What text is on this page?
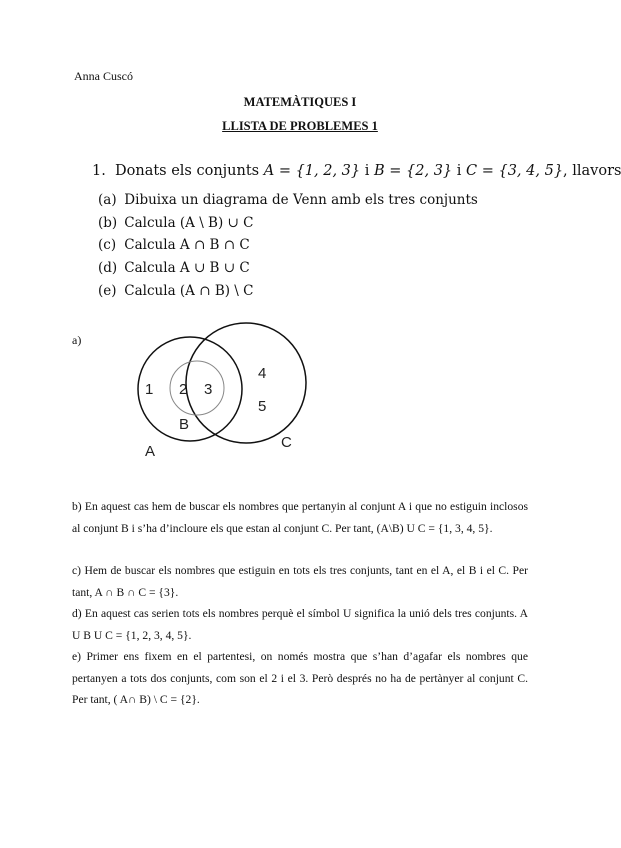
Anna Cuscó
MATEMÀTIQUES I
LLISTA DE PROBLEMES 1
1. Donats els conjunts A = {1, 2, 3} i B = {2, 3} i C = {3, 4, 5}, llavors
(a) Dibuixa un diagrama de Venn amb els tres conjunts
(b) Calcula (A \ B) ∪ C
(c) Calcula A ∩ B ∩ C
(d) Calcula A ∪ B ∪ C
(e) Calcula (A ∩ B) \ C
a)
1 2 3
4
5
B
A
C

b) En aquest cas hem de buscar els nombres que pertanyin al conjunt A i que no estiguin inclosos al conjunt B i s’ha d’incloure els que estan al conjunt C. Per tant, (A\B) U C = {1, 3, 4, 5}.

c) Hem de buscar els nombres que estiguin en tots els tres conjunts, tant en el A, el B i el C. Per tant, A ∩ B ∩ C = {3}.

d) En aquest cas serien tots els nombres perquè el símbol U significa la unió dels tres conjunts. A U B U C = {1, 2, 3, 4, 5}.

e) Primer ens fixem en el partentesi, on només mostra que s’han d’agafar els nombres que pertanyen a tots dos conjunts, com son el 2 i el 3. Però després no ha de pertànyer al conjunt C. Per tant, ( A∩ B) \ C = {2}.
